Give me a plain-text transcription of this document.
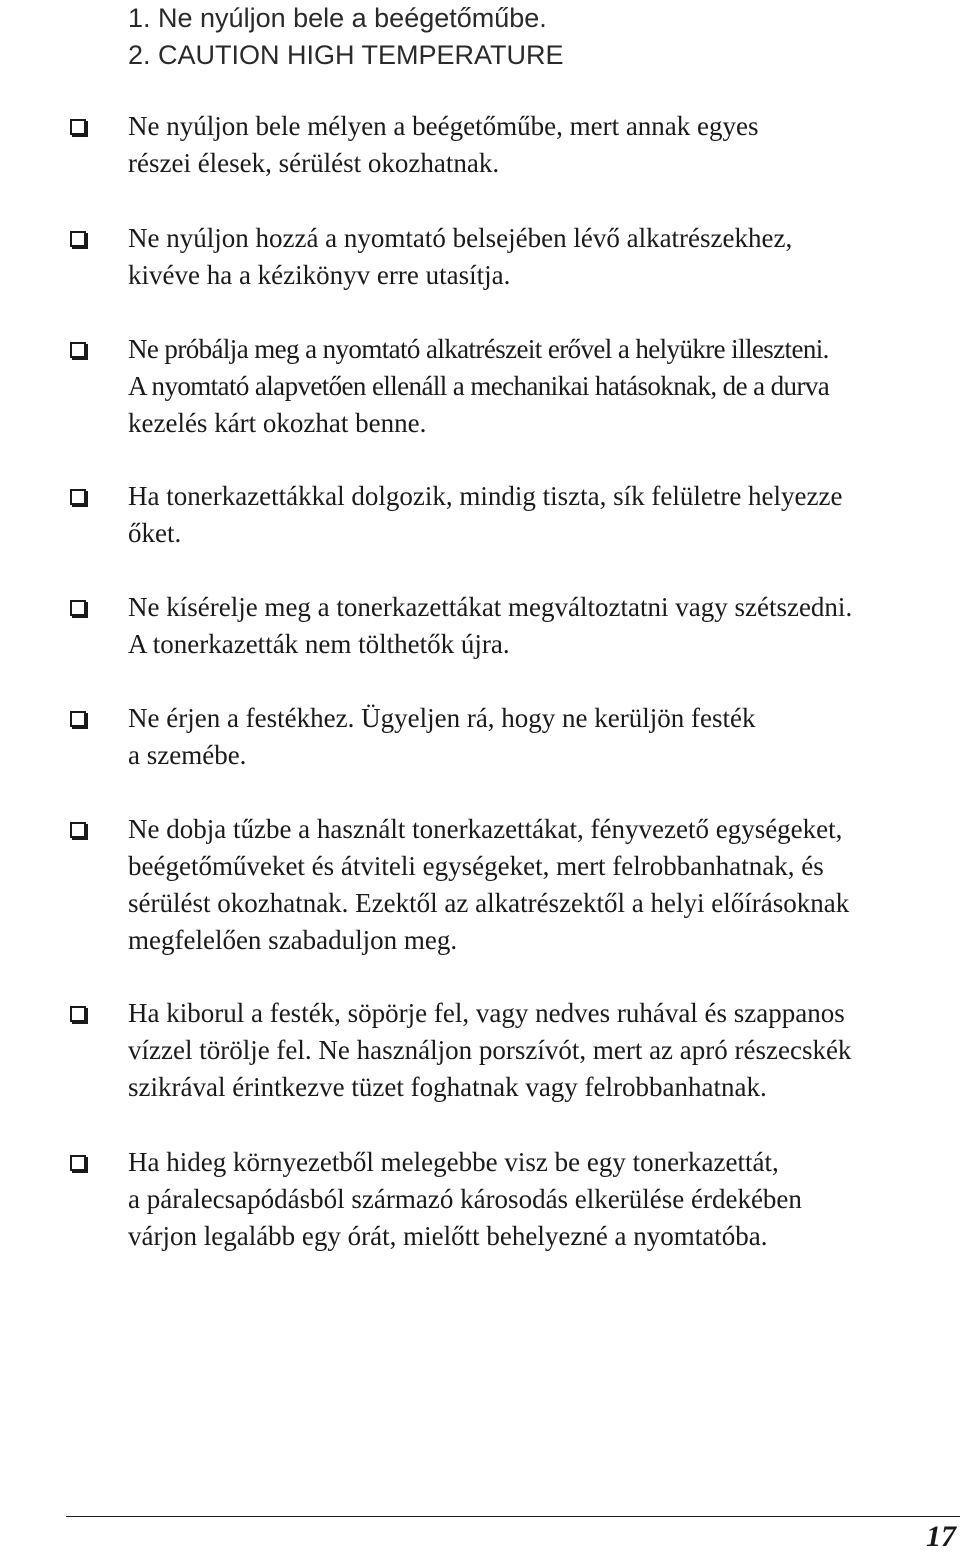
1. Ne nyúljon bele a beégetőműbe.
2. CAUTION HIGH TEMPERATURE
Ne nyúljon bele mélyen a beégetőműbe, mert annak egyes
részei élesek, sérülést okozhatnak.
Ne nyúljon hozzá a nyomtató belsejében lévő alkatrészekhez,
kivéve ha a kézikönyv erre utasítja.
Ne próbálja meg a nyomtató alkatrészeit erővel a helyükre illeszteni.
A nyomtató alapvetően ellenáll a mechanikai hatásoknak, de a durva
kezelés kárt okozhat benne.
Ha tonerkazettákkal dolgozik, mindig tiszta, sík felületre helyezze
őket.
Ne kísérelje meg a tonerkazettákat megváltoztatni vagy szétszedni.
A tonerkazetták nem tölthetők újra.
Ne érjen a festékhez. Ügyeljen rá, hogy ne kerüljön festék
a szemébe.
Ne dobja tűzbe a használt tonerkazettákat, fényvezető egységeket,
beégetőműveket és átviteli egységeket, mert felrobbanhatnak, és
sérülést okozhatnak. Ezektől az alkatrészektől a helyi előírásoknak
megfelelően szabaduljon meg.
Ha kiborul a festék, söpörje fel, vagy nedves ruhával és szappanos
vízzel törölje fel. Ne használjon porszívót, mert az apró részecskék
szikrával érintkezve tüzet foghatnak vagy felrobbanhatnak.
Ha hideg környezetből melegebbe visz be egy tonerkazettát,
a páralecsapódásból származó károsodás elkerülése érdekében
várjon legalább egy órát, mielőtt behelyezné a nyomtatóba.
17
